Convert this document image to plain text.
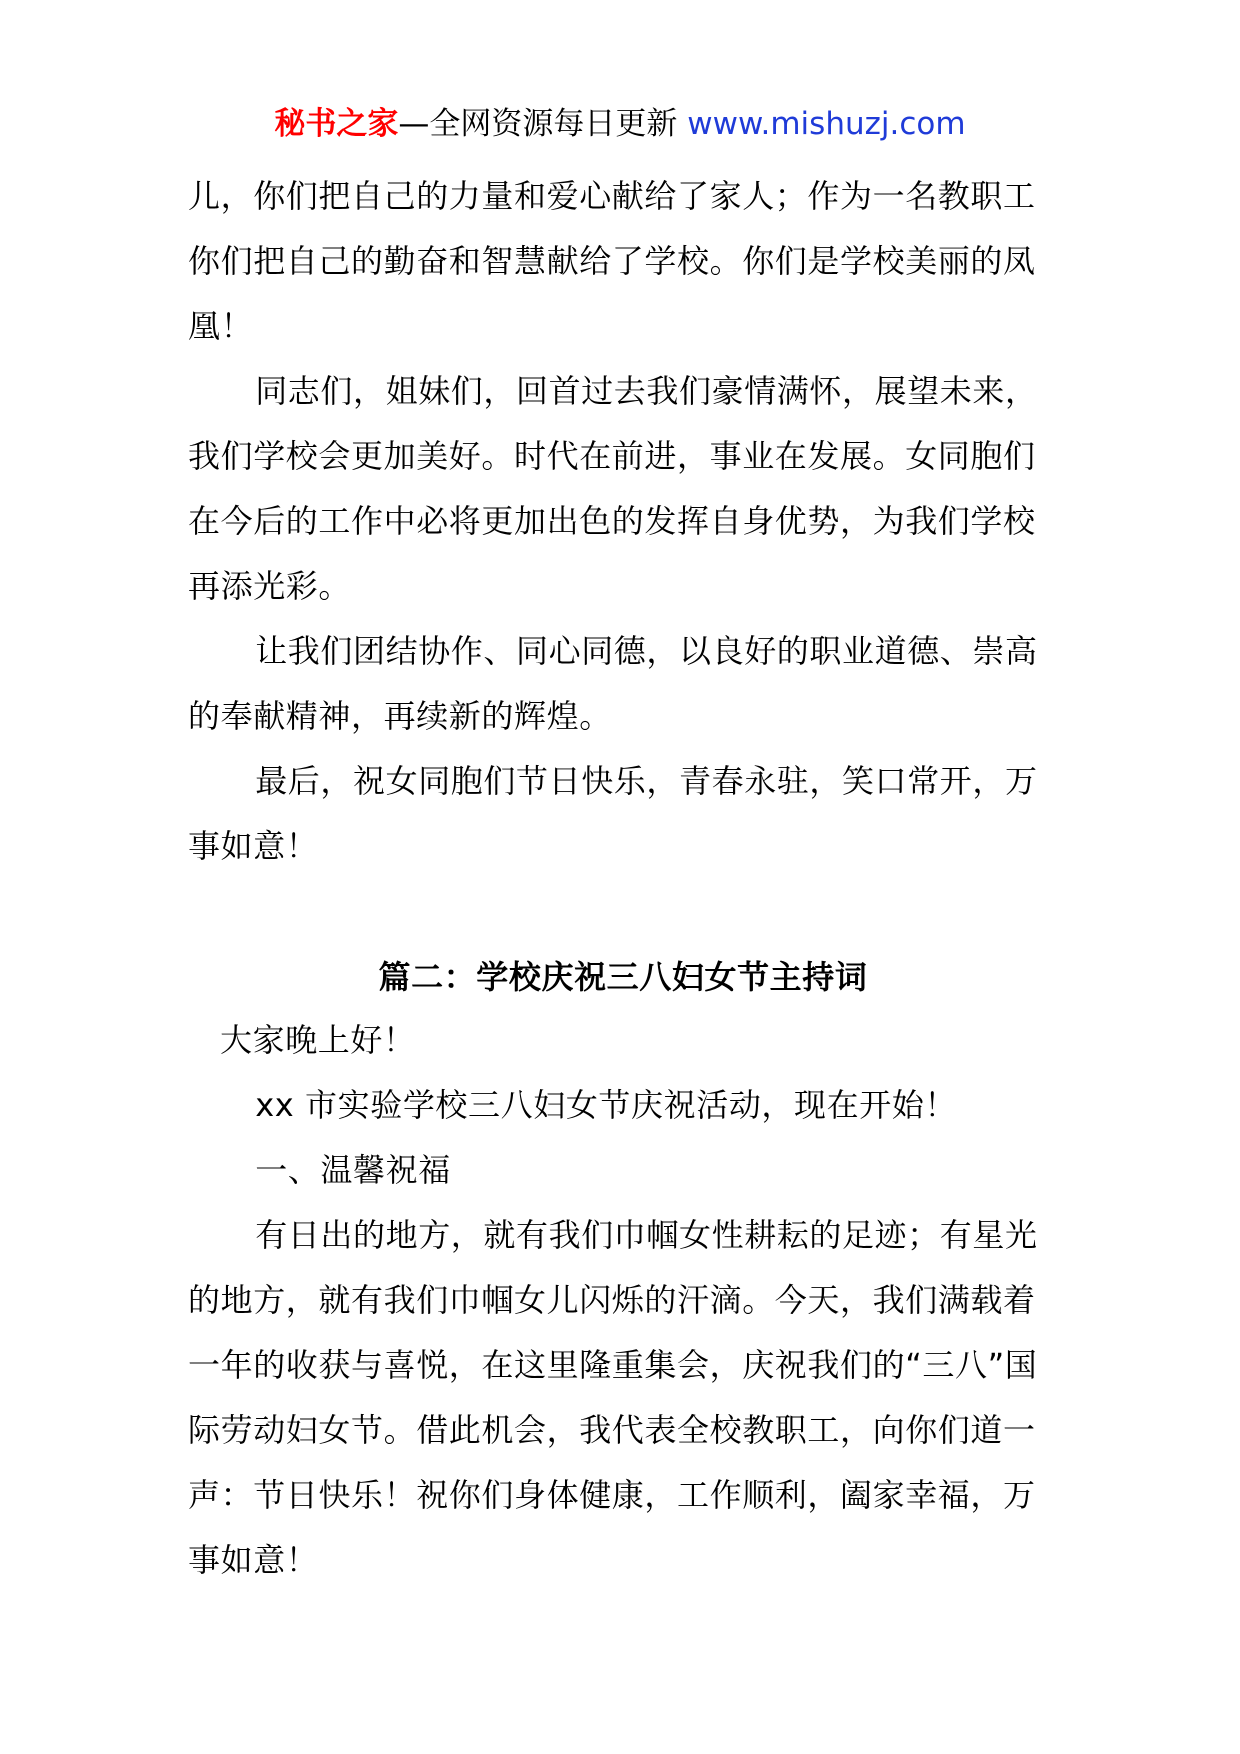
秘书之家—全网资源每日更新 www.mishuzj.com

儿，你们把自己的力量和爱心献给了家人；作为一名教职工你们把自己的勤奋和智慧献给了学校。你们是学校美丽的凤凰！

同志们，姐妹们，回首过去我们豪情满怀，展望未来，我们学校会更加美好。时代在前进，事业在发展。女同胞们在今后的工作中必将更加出色的发挥自身优势，为我们学校再添光彩。

让我们团结协作、同心同德，以良好的职业道德、崇高的奉献精神，再续新的辉煌。

最后，祝女同胞们节日快乐，青春永驻，笑口常开，万事如意！

篇二：学校庆祝三八妇女节主持词

大家晚上好！

xx 市实验学校三八妇女节庆祝活动，现在开始！

一、温馨祝福

有日出的地方，就有我们巾帼女性耕耘的足迹；有星光的地方，就有我们巾帼女儿闪烁的汗滴。今天，我们满载着一年的收获与喜悦，在这里隆重集会，庆祝我们的“三八”国际劳动妇女节。借此机会，我代表全校教职工，向你们道一声：节日快乐！祝你们身体健康，工作顺利，阖家幸福，万事如意！
